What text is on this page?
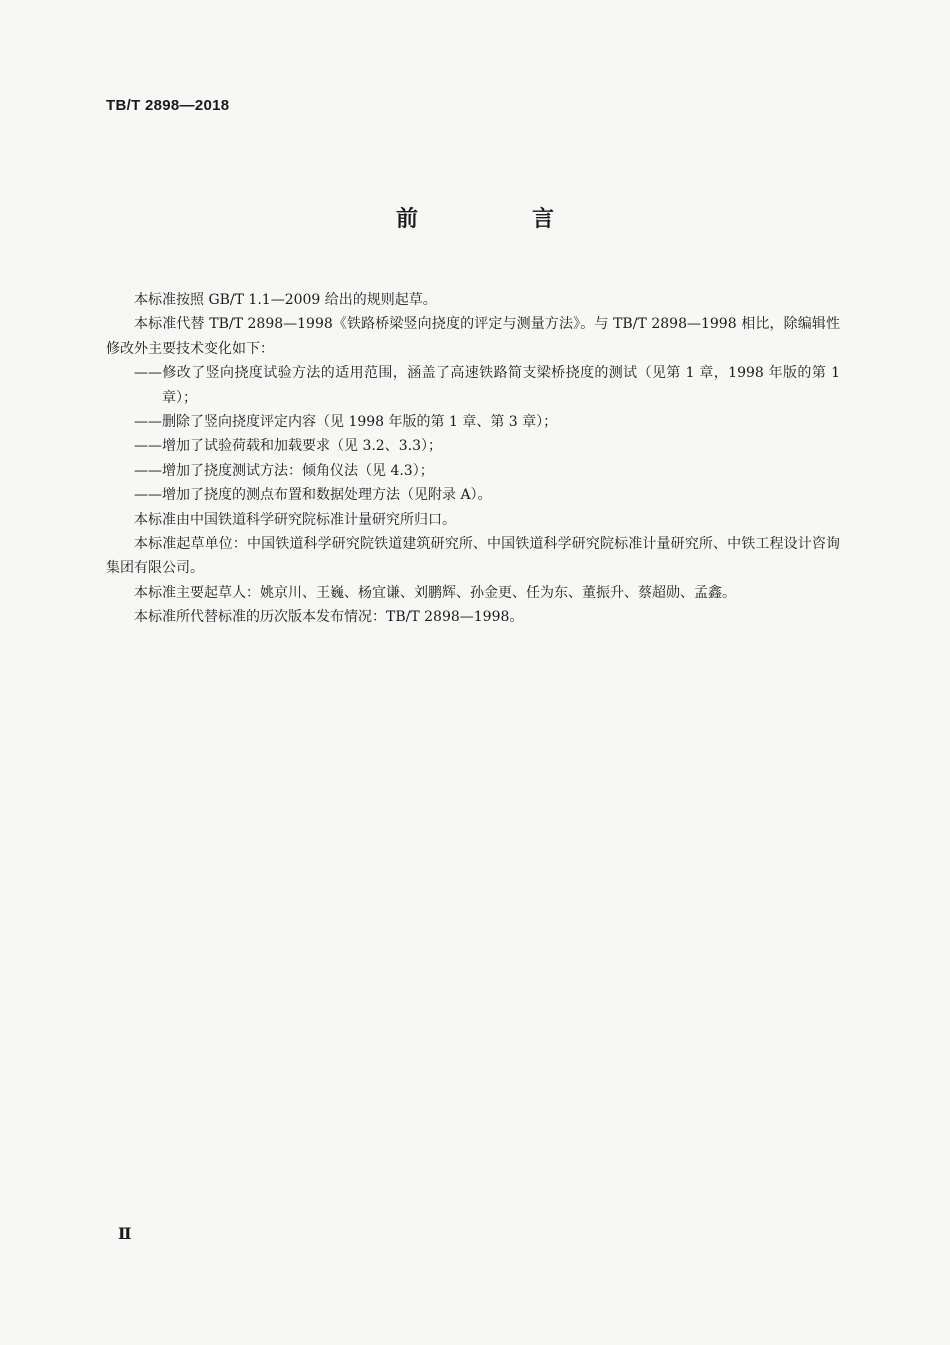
TB/T 2898—2018

前　言

本标准按照 GB/T 1.1—2009 给出的规则起草。

本标准代替 TB/T 2898—1998《铁路桥梁竖向挠度的评定与测量方法》。与 TB/T 2898—1998 相比，除编辑性修改外主要技术变化如下：

——修改了竖向挠度试验方法的适用范围，涵盖了高速铁路简支梁桥挠度的测试（见第 1 章，1998 年版的第 1 章）；

——删除了竖向挠度评定内容（见 1998 年版的第 1 章、第 3 章）；

——增加了试验荷载和加载要求（见 3.2、3.3）；

——增加了挠度测试方法：倾角仪法（见 4.3）；

——增加了挠度的测点布置和数据处理方法（见附录 A）。

本标准由中国铁道科学研究院标准计量研究所归口。

本标准起草单位：中国铁道科学研究院铁道建筑研究所、中国铁道科学研究院标准计量研究所、中铁工程设计咨询集团有限公司。

本标准主要起草人：姚京川、王巍、杨宜谦、刘鹏辉、孙金更、任为东、董振升、蔡超勋、孟鑫。

本标准所代替标准的历次版本发布情况：TB/T 2898—1998。

Ⅱ
